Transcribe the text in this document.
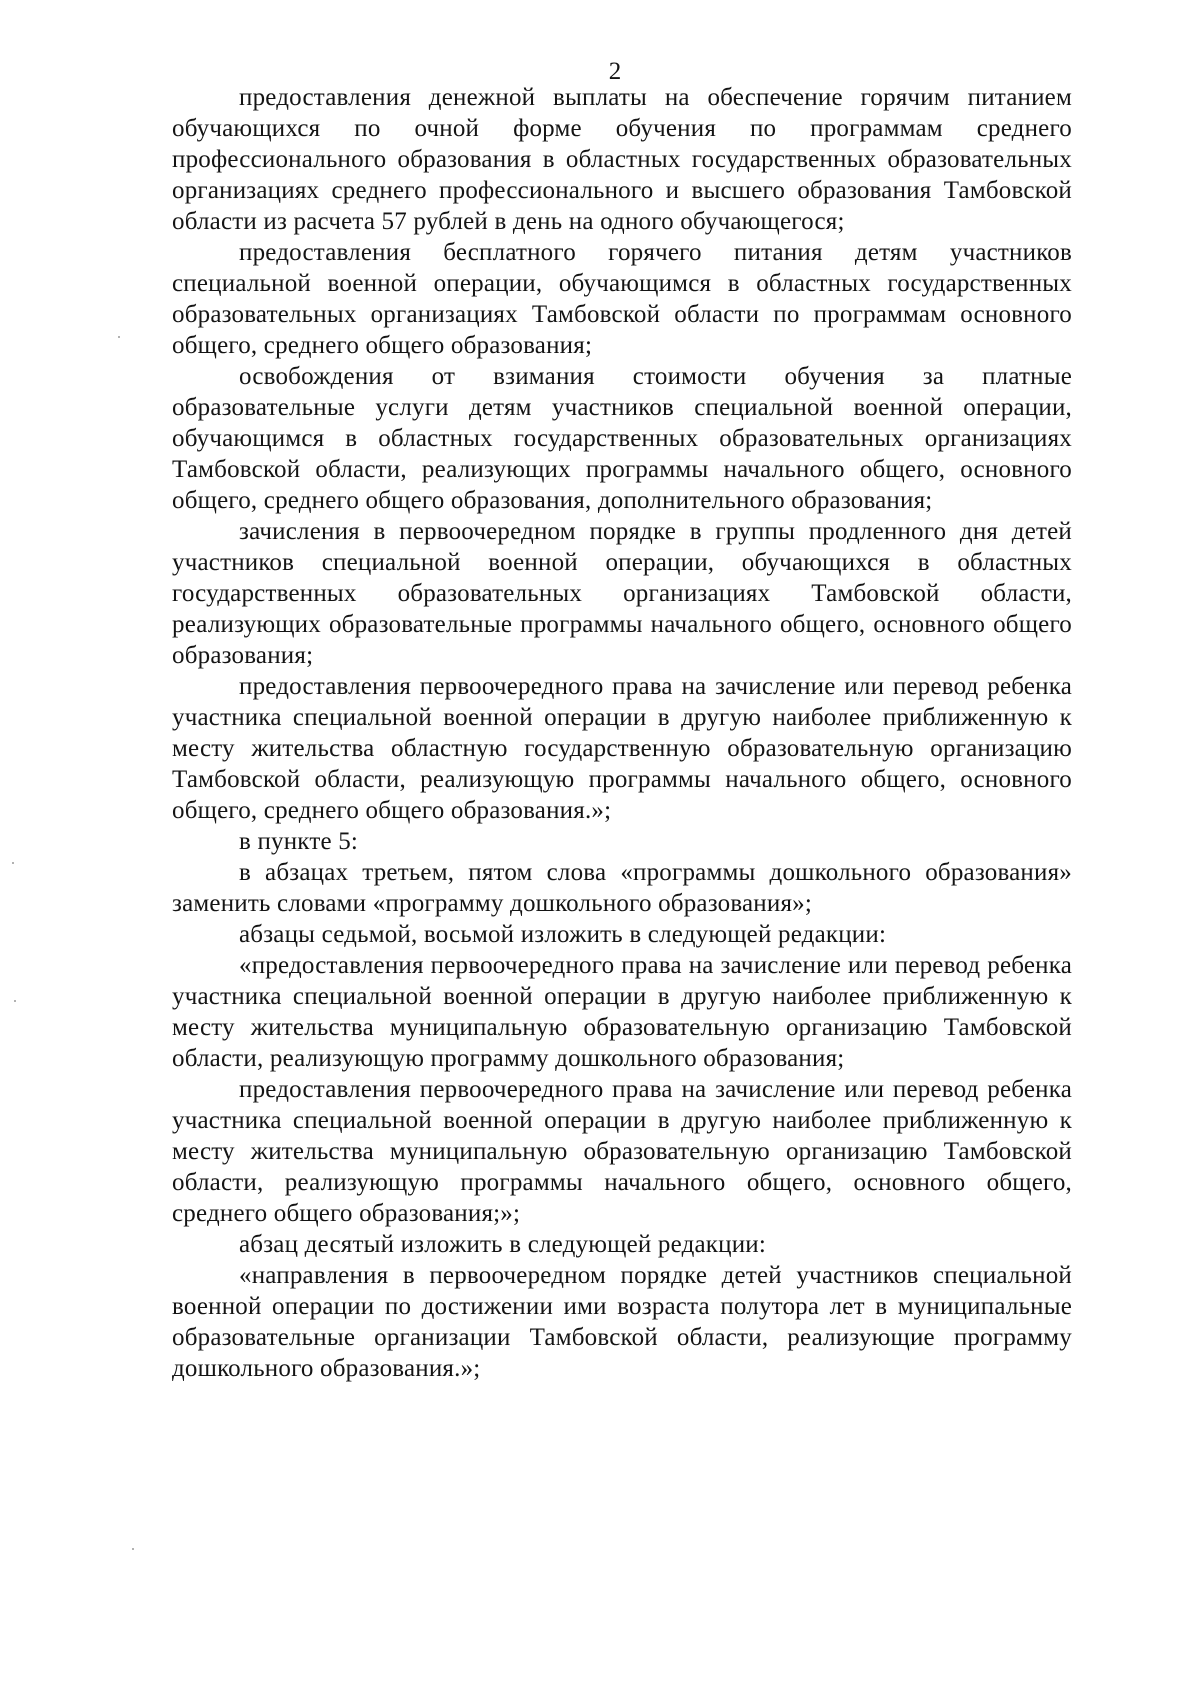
2

предоставления денежной выплаты на обеспечение горячим питанием обучающихся по очной форме обучения по программам среднего профессионального образования в областных государственных образовательных организациях среднего профессионального и высшего образования Тамбовской области из расчета 57 рублей в день на одного обучающегося;

предоставления бесплатного горячего питания детям участников специальной военной операции, обучающимся в областных государственных образовательных организациях Тамбовской области по программам основного общего, среднего общего образования;

освобождения от взимания стоимости обучения за платные образовательные услуги детям участников специальной военной операции, обучающимся в областных государственных образовательных организациях Тамбовской области, реализующих программы начального общего, основного общего, среднего общего образования, дополнительного образования;

зачисления в первоочередном порядке в группы продленного дня детей участников специальной военной операции, обучающихся в областных государственных образовательных организациях Тамбовской области, реализующих образовательные программы начального общего, основного общего образования;

предоставления первоочередного права на зачисление или перевод ребенка участника специальной военной операции в другую наиболее приближенную к месту жительства областную государственную образовательную организацию Тамбовской области, реализующую программы начального общего, основного общего, среднего общего образования.»;

в пункте 5:

в абзацах третьем, пятом слова «программы дошкольного образования» заменить словами «программу дошкольного образования»;

абзацы седьмой, восьмой изложить в следующей редакции:

«предоставления первоочередного права на зачисление или перевод ребенка участника специальной военной операции в другую наиболее приближенную к месту жительства муниципальную образовательную организацию Тамбовской области, реализующую программу дошкольного образования;

предоставления первоочередного права на зачисление или перевод ребенка участника специальной военной операции в другую наиболее приближенную к месту жительства муниципальную образовательную организацию Тамбовской области, реализующую программы начального общего, основного общего, среднего общего образования;»;

абзац десятый изложить в следующей редакции:

«направления в первоочередном порядке детей участников специальной военной операции по достижении ими возраста полутора лет в муниципальные образовательные организации Тамбовской области, реализующие программу дошкольного образования.»;
